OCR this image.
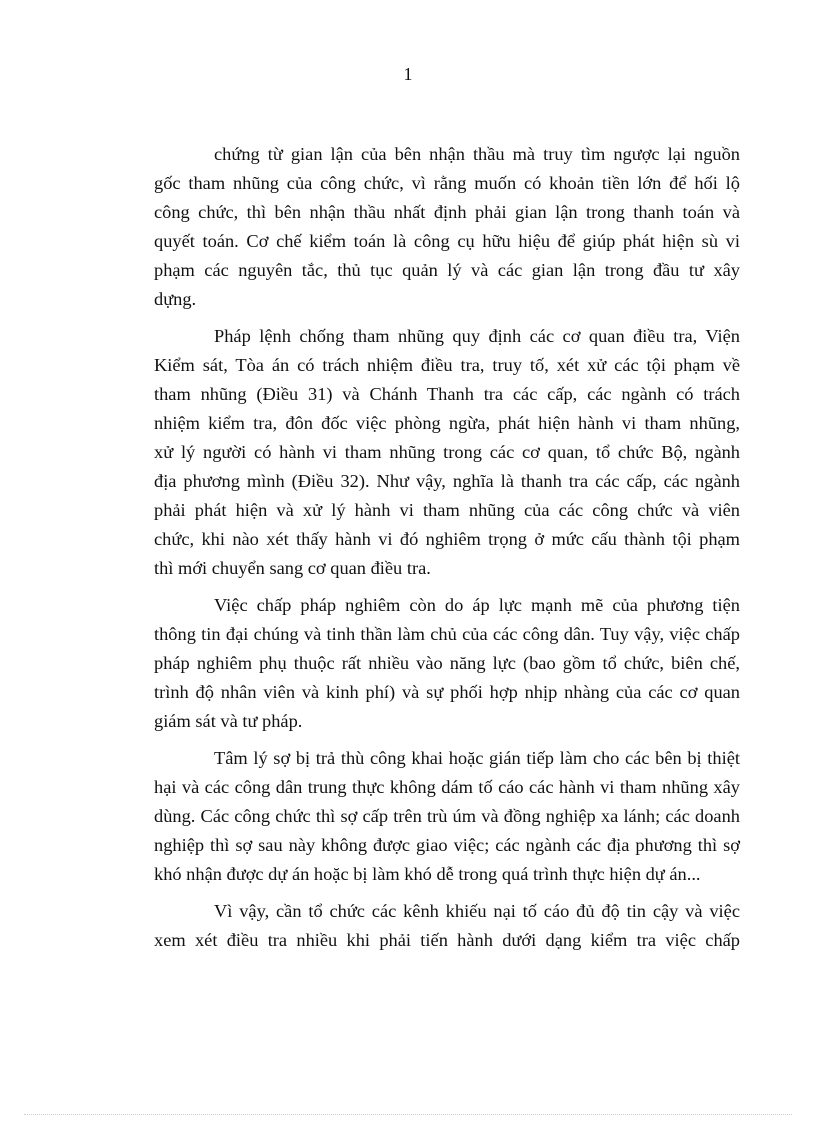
1
chứng từ gian lận của bên nhận thầu mà truy tìm ngược lại nguồn
gốc tham nhũng của công chức, vì rằng muốn có khoản tiền lớn để hối lộ
công chức, thì bên nhận thầu nhất định phải gian lận trong thanh toán và
quyết toán. Cơ chế kiểm toán là công cụ hữu hiệu để giúp phát hiện sù vi
phạm các nguyên tắc, thủ tục quản lý và các gian lận trong đầu tư xây
dựng.
Pháp lệnh chống tham nhũng quy định các cơ quan điều tra, Viện
Kiểm sát, Tòa án có trách nhiệm điều tra, truy tố, xét xử các tội phạm về
tham nhũng (Điều 31) và Chánh Thanh tra các cấp, các ngành có trách
nhiệm kiểm tra, đôn đốc việc phòng ngừa, phát hiện hành vi tham nhũng,
xử lý người có hành vi tham nhũng trong các cơ quan, tổ chức Bộ, ngành
địa phương mình (Điều 32). Như vậy, nghĩa là thanh tra các cấp, các ngành
phải phát hiện và xử lý hành vi tham nhũng của các công chức và viên
chức, khi nào xét thấy hành vi đó nghiêm trọng ở mức cấu thành tội phạm
thì mới chuyển sang cơ quan điều tra.
Việc chấp pháp nghiêm còn do áp lực mạnh mẽ của phương tiện
thông tin đại chúng và tinh thần làm chủ của các công dân. Tuy vậy, việc chấp
pháp nghiêm phụ thuộc rất nhiều vào năng lực (bao gồm tổ chức, biên chế,
trình độ nhân viên và kinh phí) và sự phối hợp nhịp nhàng của các cơ quan
giám sát và tư pháp.
Tâm lý sợ bị trả thù công khai hoặc gián tiếp làm cho các bên bị thiệt
hại và các công dân trung thực không dám tố cáo các hành vi tham nhũng xây
dùng. Các công chức thì sợ cấp trên trù úm và đồng nghiệp xa lánh; các doanh
nghiệp thì sợ sau này không được giao việc; các ngành các địa phương thì sợ
khó nhận được dự án hoặc bị làm khó dễ trong quá trình thực hiện dự án...
Vì vậy, cần tổ chức các kênh khiếu nại tố cáo đủ độ tin cậy và việc
xem xét điều tra nhiều khi phải tiến hành dưới dạng kiểm tra việc chấp
